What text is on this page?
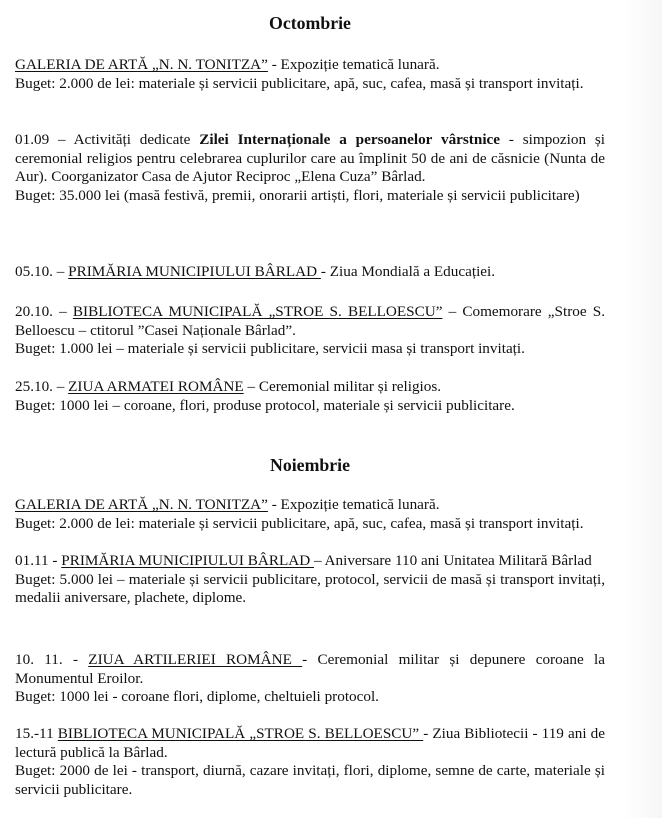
Octombrie

GALERIA DE ARTĂ „N. N. TONITZA” - Expoziție tematică lunară.

Buget: 2.000 de lei: materiale și servicii publicitare, apă, suc, cafea, masă și transport invitați.

01.09 – Activități dedicate Zilei Internaționale a persoanelor vârstnice - simpozion și ceremonial religios pentru celebrarea cuplurilor care au împlinit 50 de ani de căsnicie (Nunta de Aur). Coorganizator Casa de Ajutor Reciproc „Elena Cuza” Bârlad.

Buget: 35.000 lei (masă festivă, premii, onorarii artiști, flori, materiale și servicii publicitare)

05.10. – PRIMĂRIA MUNICIPIULUI BÂRLAD - Ziua Mondială a Educației.

20.10. – BIBLIOTECA MUNICIPALĂ „STROE S. BELLOESCU” – Comemorare „Stroe S. Belloescu – ctitorul ”Casei Naționale Bârlad”.

Buget: 1.000 lei – materiale și servicii publicitare, servicii masa și transport invitați.

25.10. – ZIUA ARMATEI ROMÂNE – Ceremonial militar și religios.

Buget: 1000 lei – coroane, flori, produse protocol, materiale și servicii publicitare.

Noiembrie

GALERIA DE ARTĂ „N. N. TONITZA” - Expoziție tematică lunară.

Buget: 2.000 de lei: materiale și servicii publicitare, apă, suc, cafea, masă și transport invitați.

01.11 - PRIMĂRIA MUNICIPIULUI BÂRLAD – Aniversare 110 ani Unitatea Militară Bârlad

Buget: 5.000 lei – materiale și servicii publicitare, protocol, servicii de masă și transport invitați, medalii aniversare, plachete, diplome.

10. 11. - ZIUA ARTILERIEI ROMÂNE - Ceremonial militar și depunere coroane la Monumentul Eroilor.

Buget: 1000 lei - coroane flori, diplome, cheltuieli protocol.

15.-11 BIBLIOTECA MUNICIPALĂ „STROE S. BELLOESCU” - Ziua Bibliotecii - 119 ani de lectură publică la Bârlad.

Buget: 2000 de lei - transport, diurnă, cazare invitați, flori, diplome, semne de carte, materiale și servicii publicitare.
